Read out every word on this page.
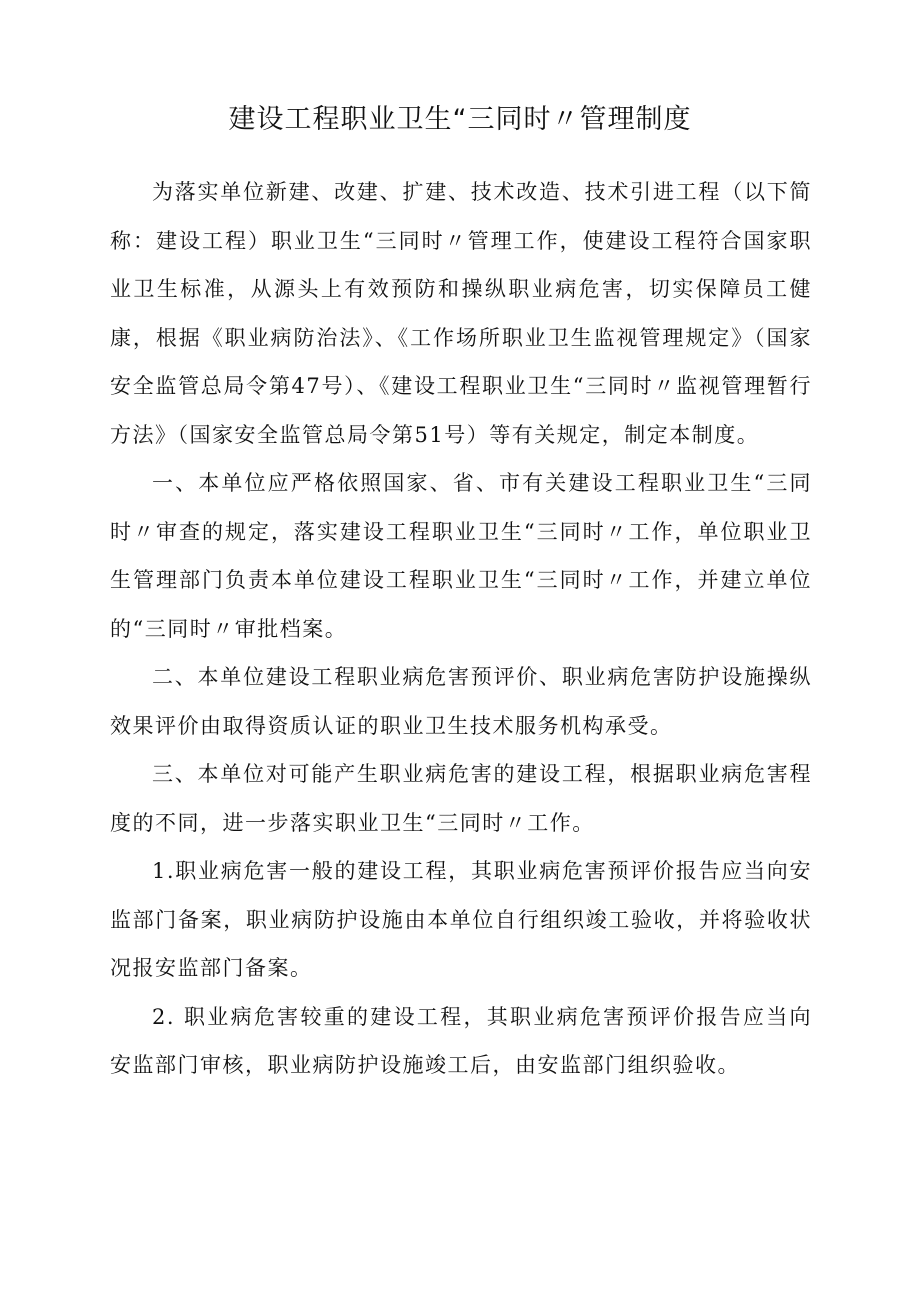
建设工程职业卫生“三同时〃管理制度

为落实单位新建、改建、扩建、技术改造、技术引进工程（以下简称：建设工程）职业卫生“三同时〃管理工作，使建设工程符合国家职业卫生标准，从源头上有效预防和操纵职业病危害，切实保障员工健康，根据《职业病防治法》、《工作场所职业卫生监视管理规定》（国家安全监管总局令第47号）、《建设工程职业卫生“三同时〃监视管理暂行方法》（国家安全监管总局令第51号）等有关规定，制定本制度。

一、本单位应严格依照国家、省、市有关建设工程职业卫生“三同时〃审查的规定，落实建设工程职业卫生“三同时〃工作，单位职业卫生管理部门负责本单位建设工程职业卫生“三同时〃工作，并建立单位的“三同时〃审批档案。

二、本单位建设工程职业病危害预评价、职业病危害防护设施操纵效果评价由取得资质认证的职业卫生技术服务机构承受。

三、本单位对可能产生职业病危害的建设工程，根据职业病危害程度的不同，进一步落实职业卫生“三同时〃工作。

1.职业病危害一般的建设工程，其职业病危害预评价报告应当向安监部门备案，职业病防护设施由本单位自行组织竣工验收，并将验收状况报安监部门备案。

2. 职业病危害较重的建设工程，其职业病危害预评价报告应当向安监部门审核，职业病防护设施竣工后，由安监部门组织验收。
